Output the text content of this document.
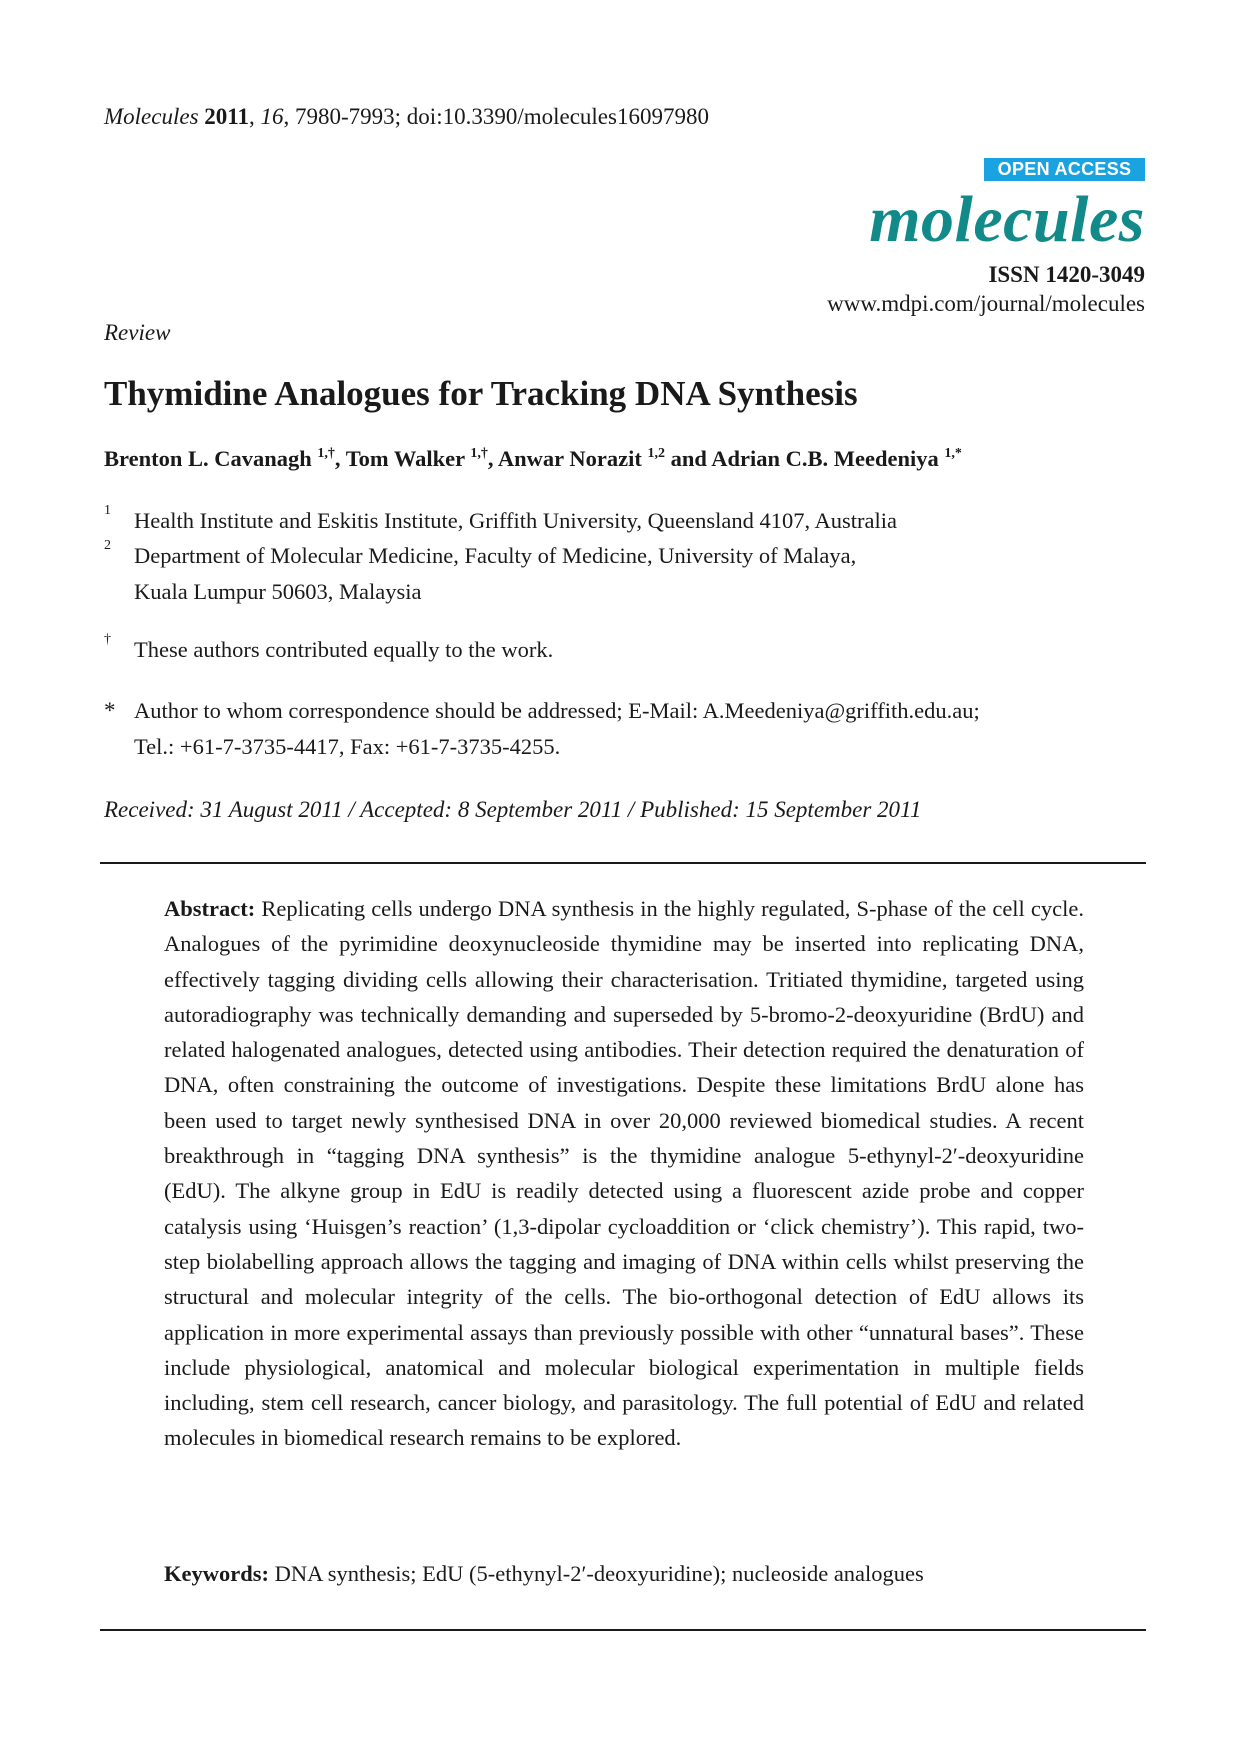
Molecules 2011, 16, 7980-7993; doi:10.3390/molecules16097980
OPEN ACCESS
molecules
ISSN 1420-3049
www.mdpi.com/journal/molecules
Review
Thymidine Analogues for Tracking DNA Synthesis
Brenton L. Cavanagh $^{1,\dagger}$, Tom Walker $^{1,\dagger}$, Anwar Norazit $^{1,2}$ and Adrian C.B. Meedeniya $^{1,*}$
1 Health Institute and Eskitis Institute, Griffith University, Queensland 4107, Australia
2 Department of Molecular Medicine, Faculty of Medicine, University of Malaya,
Kuala Lumpur 50603, Malaysia
† These authors contributed equally to the work.
* Author to whom correspondence should be addressed; E-Mail: A.Meedeniya@griffith.edu.au;
Tel.: +61-7-3735-4417, Fax: +61-7-3735-4255.
Received: 31 August 2011 / Accepted: 8 September 2011 / Published: 15 September 2011
Abstract: Replicating cells undergo DNA synthesis in the highly regulated, S-phase of the cell cycle. Analogues of the pyrimidine deoxynucleoside thymidine may be inserted into replicating DNA, effectively tagging dividing cells allowing their characterisation. Tritiated thymidine, targeted using autoradiography was technically demanding and superseded by 5-bromo-2-deoxyuridine (BrdU) and related halogenated analogues, detected using antibodies. Their detection required the denaturation of DNA, often constraining the outcome of investigations. Despite these limitations BrdU alone has been used to target newly synthesised DNA in over 20,000 reviewed biomedical studies. A recent breakthrough in “tagging DNA synthesis” is the thymidine analogue 5-ethynyl-2′-deoxyuridine (EdU). The alkyne group in EdU is readily detected using a fluorescent azide probe and copper catalysis using ‘Huisgen’s reaction’ (1,3-dipolar cycloaddition or ‘click chemistry’). This rapid, two-step biolabelling approach allows the tagging and imaging of DNA within cells whilst preserving the structural and molecular integrity of the cells. The bio-orthogonal detection of EdU allows its application in more experimental assays than previously possible with other “unnatural bases”. These include physiological, anatomical and molecular biological experimentation in multiple fields including, stem cell research, cancer biology, and parasitology. The full potential of EdU and related molecules in biomedical research remains to be explored.
Keywords: DNA synthesis; EdU (5-ethynyl-2′-deoxyuridine); nucleoside analogues
